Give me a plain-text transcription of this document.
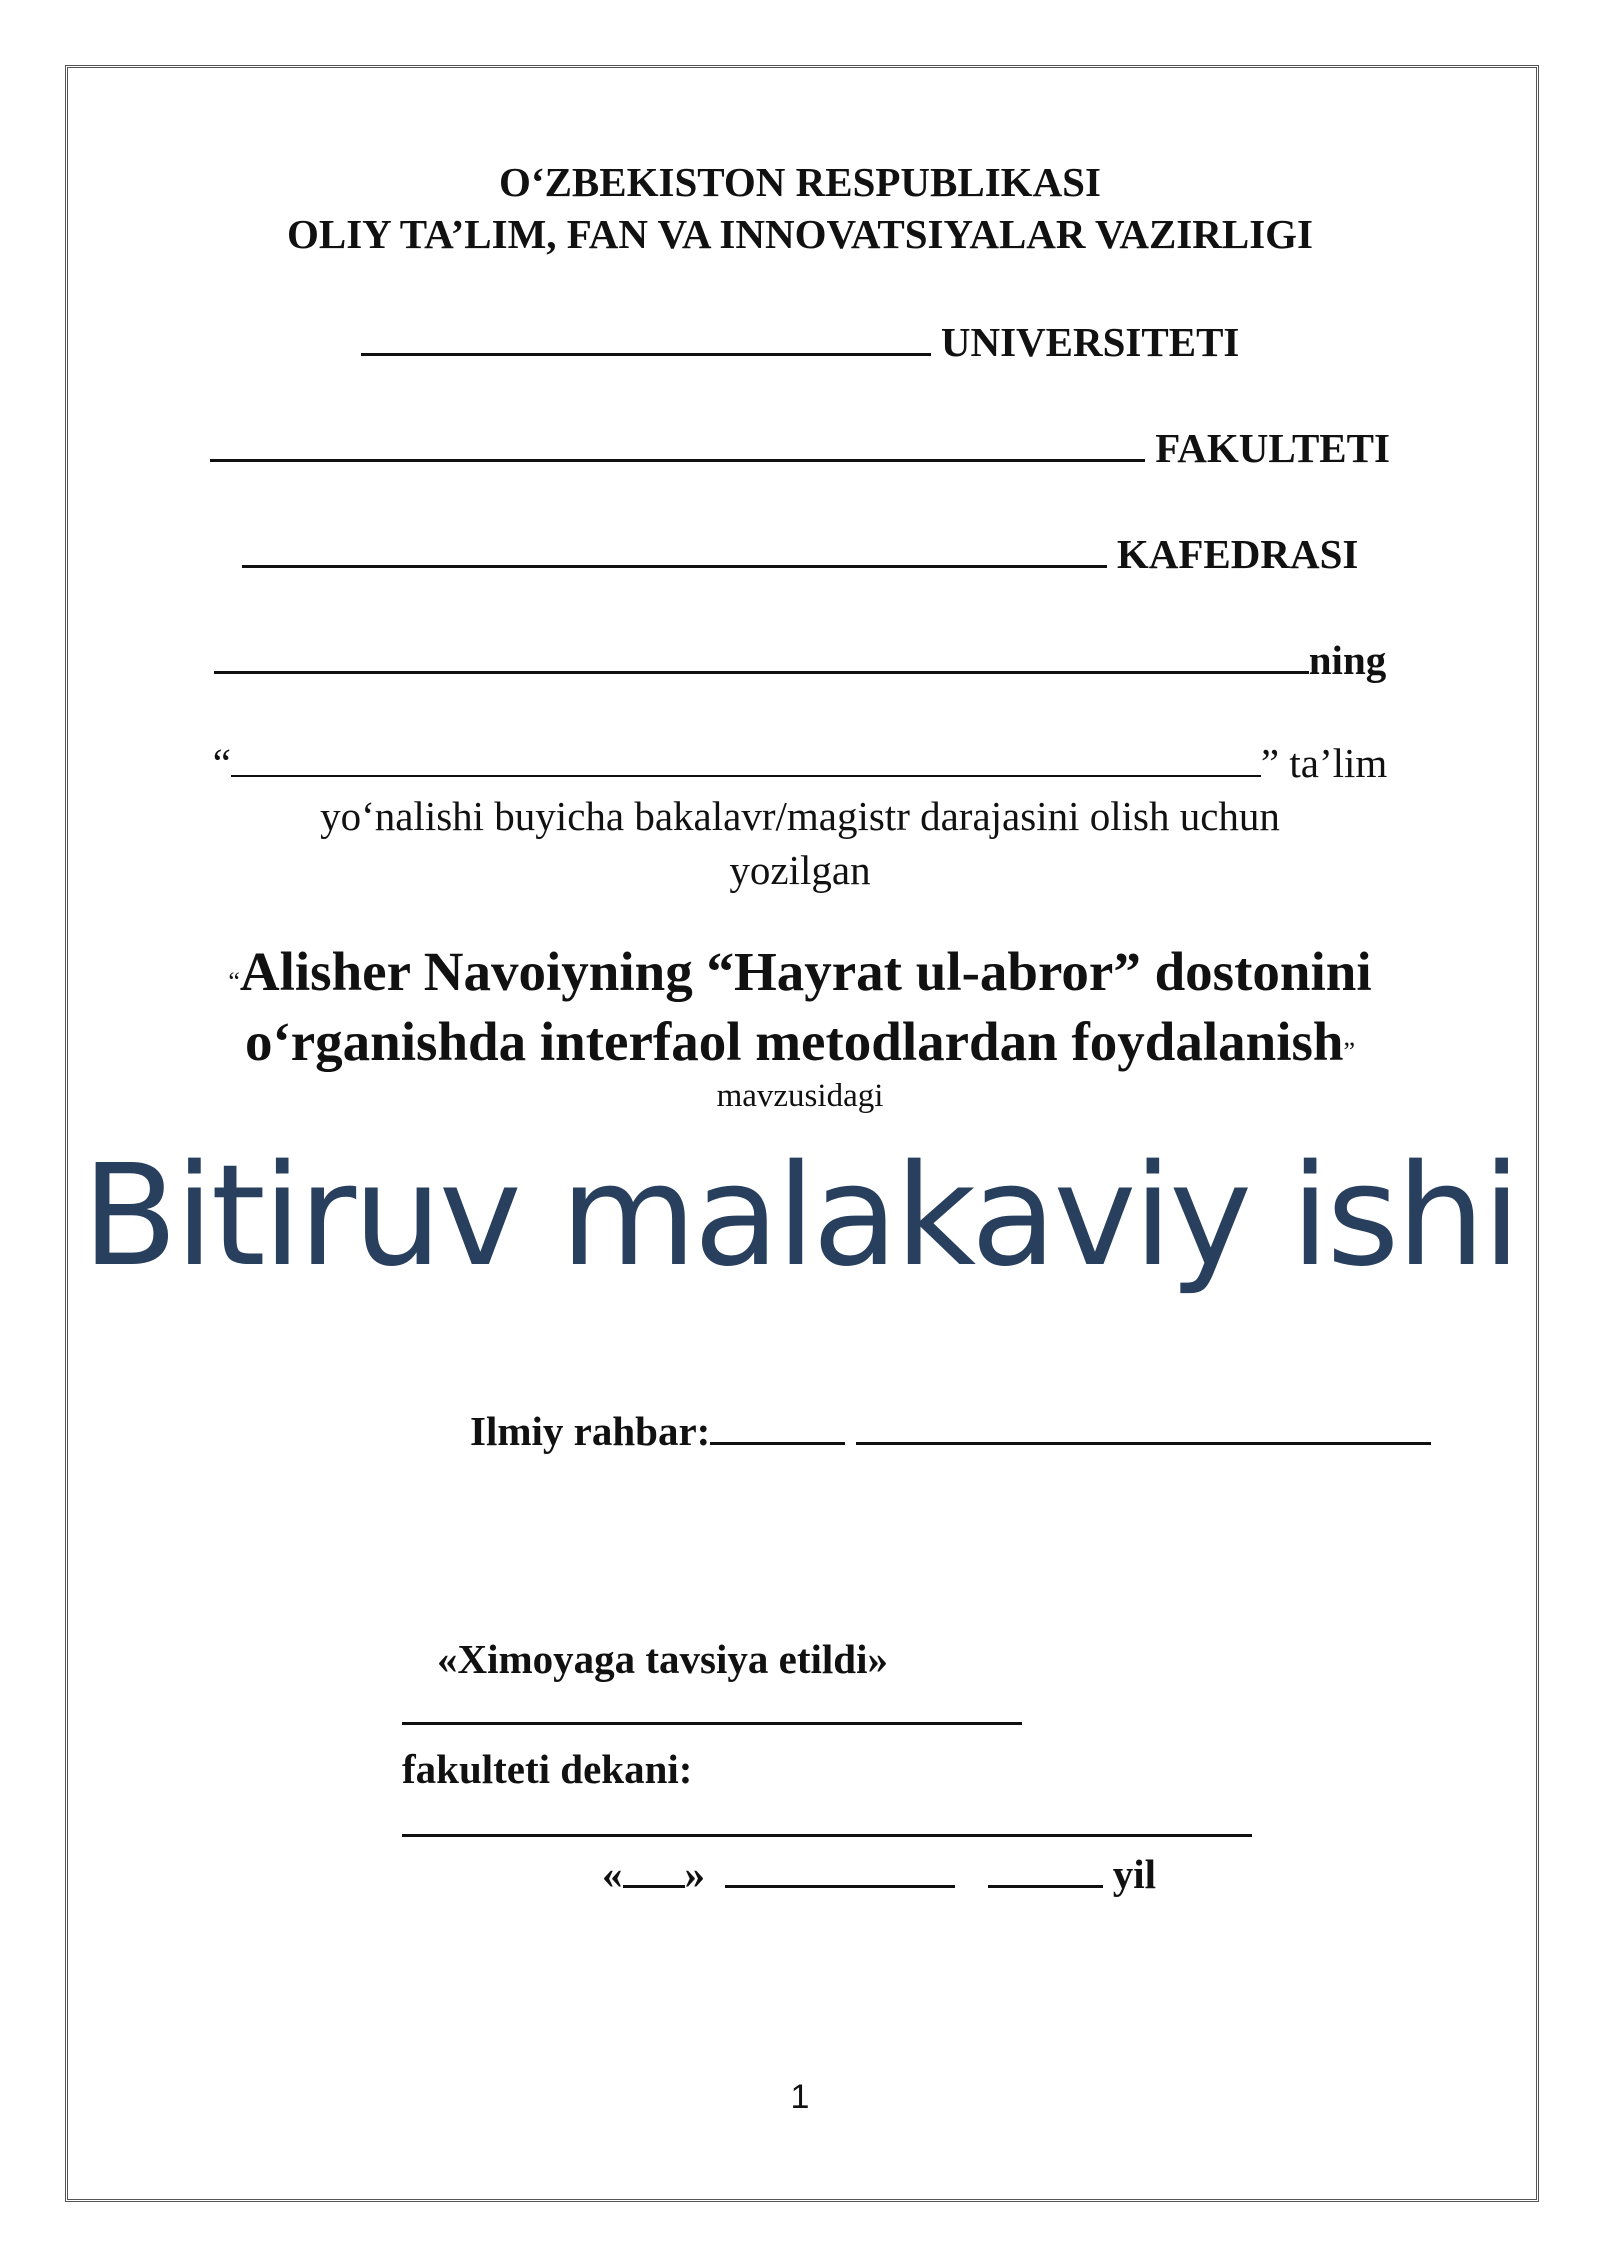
O‘ZBEKISTON RESPUBLIKASI
OLIY TA’LIM, FAN VA INNOVATSIYALAR VAZIRLIGI
UNIVERSITETI
FAKULTETI
KAFEDRASI
ning
“	” ta’lim
yo‘nalishi buyicha bakalavr/magistr darajasini olish uchun
yozilgan
“Alisher Navoiyning “Hayrat ul-abror” dostonini
o‘rganishda interfaol metodlardan foydalanish”
mavzusidagi
Bitiruv malakaviy ishi
Ilmiy rahbar:
«Ximoyaga tavsiya etildi»
fakulteti dekani:
« »	yil
1
